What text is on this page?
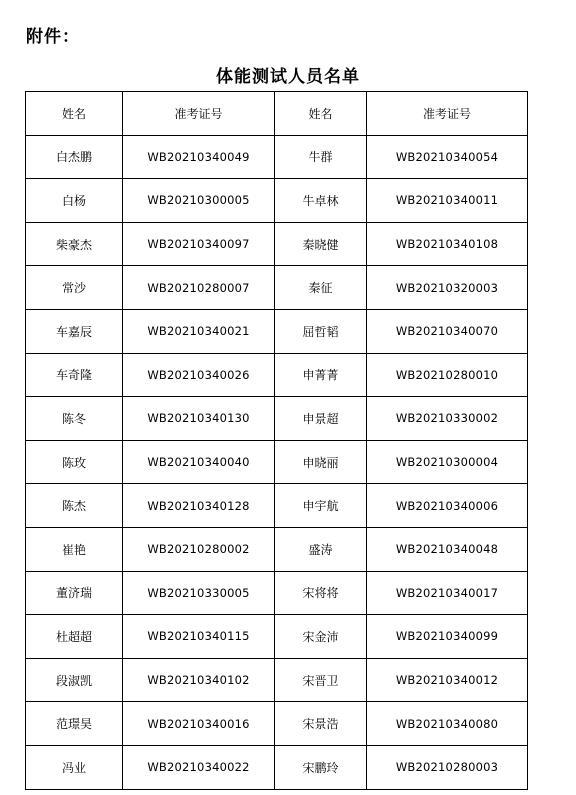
附件：
体能测试人员名单
姓名	准考证号	姓名	准考证号
白杰鹏	WB20210340049	牛群	WB20210340054
白杨	WB20210300005	牛卓林	WB20210340011
柴豪杰	WB20210340097	秦晓健	WB20210340108
常沙	WB20210280007	秦征	WB20210320003
车嘉辰	WB20210340021	屈哲韬	WB20210340070
车奇隆	WB20210340026	申菁菁	WB20210280010
陈冬	WB20210340130	申景超	WB20210330002
陈玫	WB20210340040	申晓丽	WB20210300004
陈杰	WB20210340128	申宇航	WB20210340006
崔艳	WB20210280002	盛涛	WB20210340048
董济瑞	WB20210330005	宋将将	WB20210340017
杜超超	WB20210340115	宋金沛	WB20210340099
段淑凯	WB20210340102	宋晋卫	WB20210340012
范璟昊	WB20210340016	宋景浩	WB20210340080
冯业	WB20210340022	宋鹏玲	WB20210280003
